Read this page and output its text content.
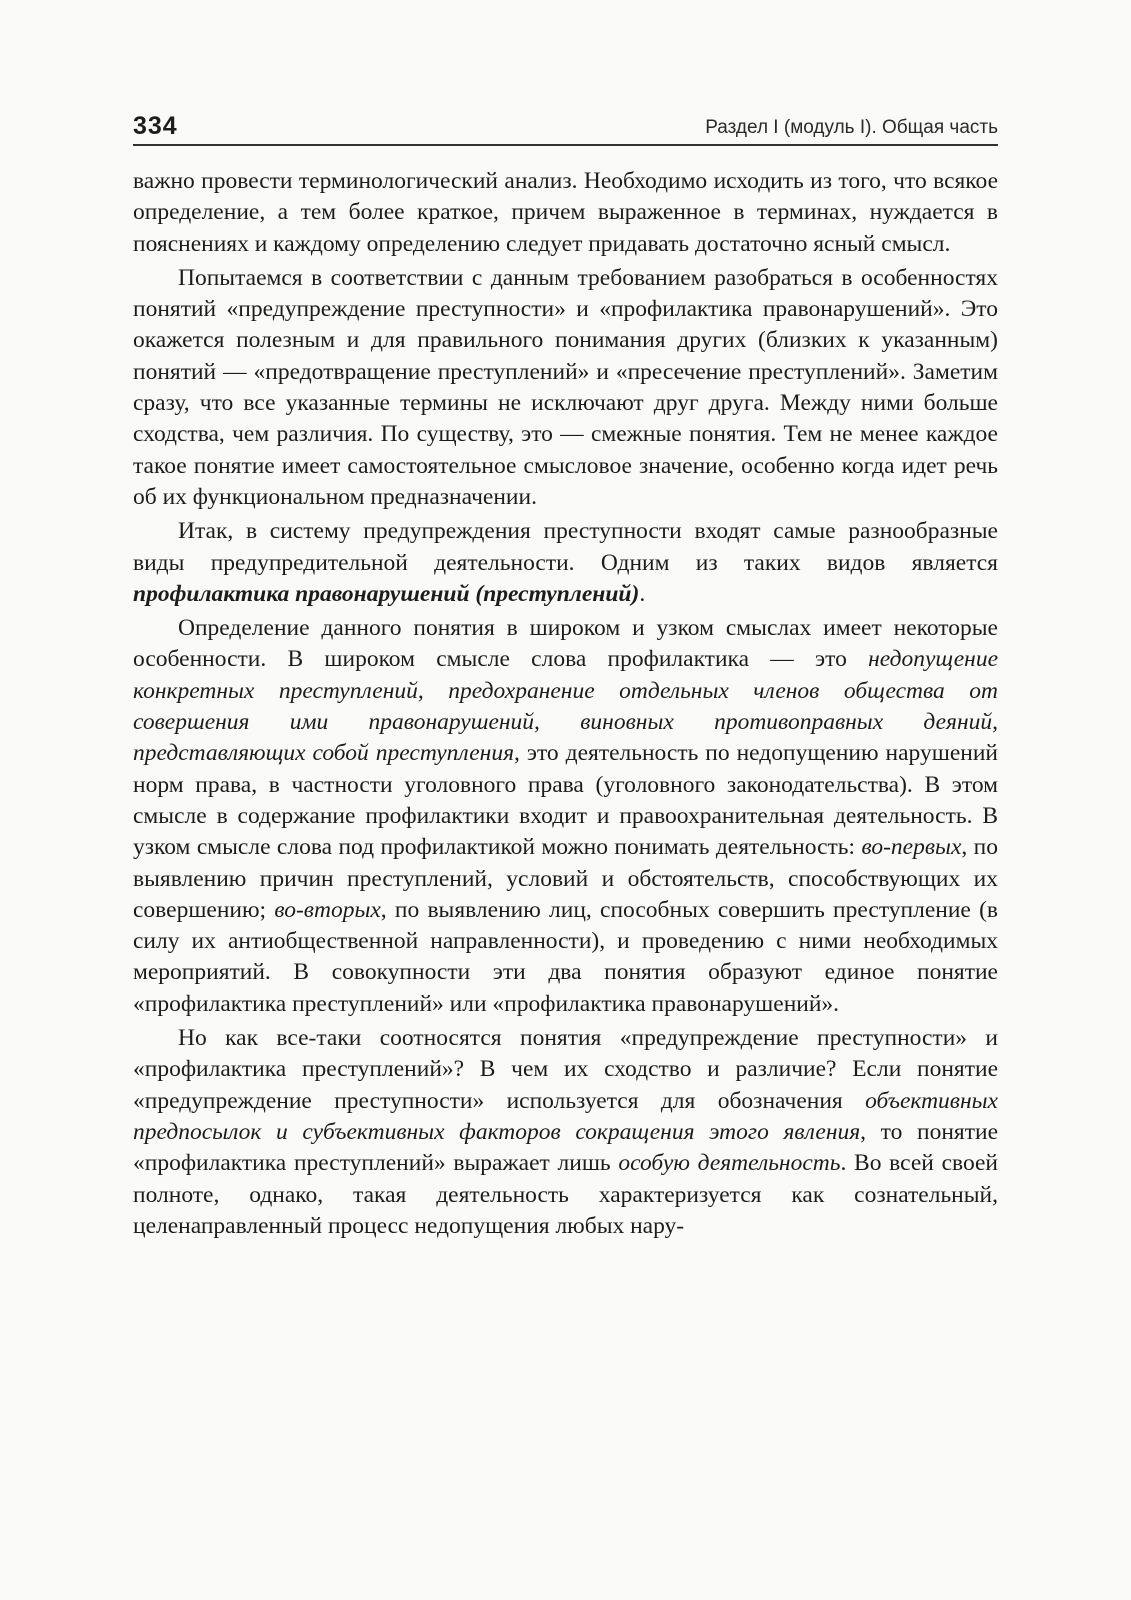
334	Раздел I (модуль I). Общая часть

важно провести терминологический анализ. Необходимо исходить из того, что всякое определение, а тем более краткое, причем выраженное в терминах, нуждается в пояснениях и каждому определению следует придавать достаточно ясный смысл.

Попытаемся в соответствии с данным требованием разобраться в особенностях понятий «предупреждение преступности» и «профилактика правонарушений». Это окажется полезным и для правильного понимания других (близких к указанным) понятий — «предотвращение преступлений» и «пресечение преступлений». Заметим сразу, что все указанные термины не исключают друг друга. Между ними больше сходства, чем различия. По существу, это — смежные понятия. Тем не менее каждое такое понятие имеет самостоятельное смысловое значение, особенно когда идет речь об их функциональном предназначении.

Итак, в систему предупреждения преступности входят самые разнообразные виды предупредительной деятельности. Одним из таких видов является профилактика правонарушений (преступлений).

Определение данного понятия в широком и узком смыслах имеет некоторые особенности. В широком смысле слова профилактика — это недопущение конкретных преступлений, предохранение отдельных членов общества от совершения ими правонарушений, виновных противоправных деяний, представляющих собой преступления, это деятельность по недопущению нарушений норм права, в частности уголовного права (уголовного законодательства). В этом смысле в содержание профилактики входит и правоохранительная деятельность. В узком смысле слова под профилактикой можно понимать деятельность: во-первых, по выявлению причин преступлений, условий и обстоятельств, способствующих их совершению; во-вторых, по выявлению лиц, способных совершить преступление (в силу их антиобщественной направленности), и проведению с ними необходимых мероприятий. В совокупности эти два понятия образуют единое понятие «профилактика преступлений» или «профилактика правонарушений».

Но как все-таки соотносятся понятия «предупреждение преступности» и «профилактика преступлений»? В чем их сходство и различие? Если понятие «предупреждение преступности» используется для обозначения объективных предпосылок и субъективных факторов сокращения этого явления, то понятие «профилактика преступлений» выражает лишь особую деятельность. Во всей своей полноте, однако, такая деятельность характеризуется как сознательный, целенаправленный процесс недопущения любых нару-
